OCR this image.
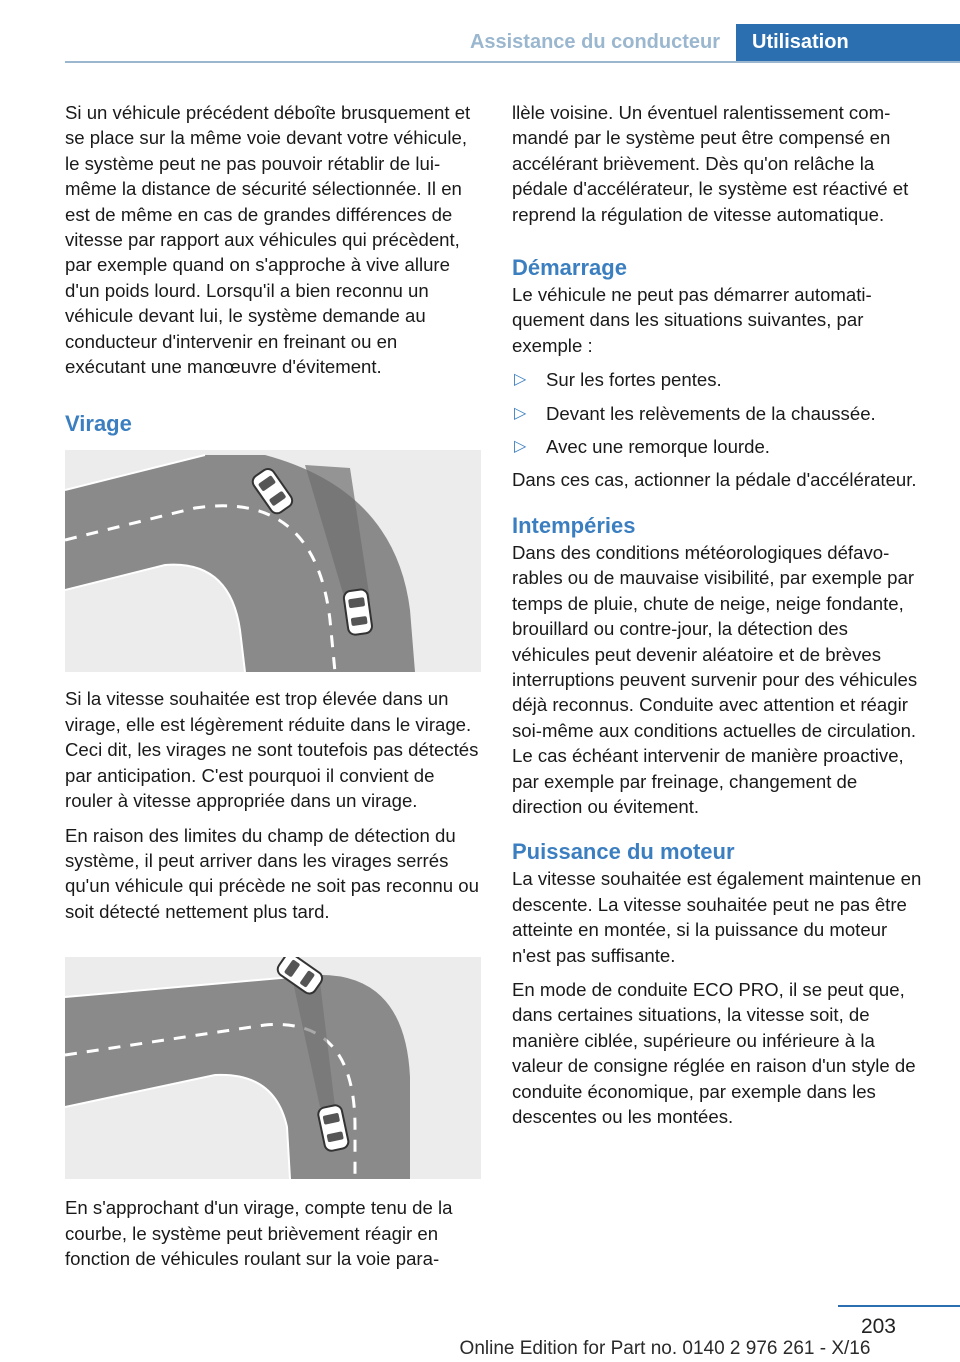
Assistance du conducteur	Utilisation

Si un véhicule précédent déboîte brusquement et se place sur la même voie devant votre véhicule, le système peut ne pas pouvoir rétablir de lui-même la distance de sécurité sélectionnée. Il en est de même en cas de grandes différences de vitesse par rapport aux véhicules qui précèdent, par exemple quand on s'approche à vive allure d'un poids lourd. Lorsqu'il a bien reconnu un véhicule devant lui, le système demande au conducteur d'intervenir en freinant ou en exécutant une manœuvre d'évitement.

Virage

Si la vitesse souhaitée est trop élevée dans un virage, elle est légèrement réduite dans le virage. Ceci dit, les virages ne sont toutefois pas détectés par anticipation. C'est pourquoi il convient de rouler à vitesse appropriée dans un virage.

En raison des limites du champ de détection du système, il peut arriver dans les virages serrés qu'un véhicule qui précède ne soit pas reconnu ou soit détecté nettement plus tard.

En s'approchant d'un virage, compte tenu de la courbe, le système peut brièvement réagir en fonction de véhicules roulant sur la voie para-

llèle voisine. Un éventuel ralentissement commandé par le système peut être compensé en accélérant brièvement. Dès qu'on relâche la pédale d'accélérateur, le système est réactivé et reprend la régulation de vitesse automatique.

Démarrage

Le véhicule ne peut pas démarrer automatiquement dans les situations suivantes, par exemple :

▷ Sur les fortes pentes.
▷ Devant les relèvements de la chaussée.
▷ Avec une remorque lourde.

Dans ces cas, actionner la pédale d'accélérateur.

Intempéries

Dans des conditions météorologiques défavorables ou de mauvaise visibilité, par exemple par temps de pluie, chute de neige, neige fondante, brouillard ou contre-jour, la détection des véhicules peut devenir aléatoire et de brèves interruptions peuvent survenir pour des véhicules déjà reconnus. Conduite avec attention et réagir soi-même aux conditions actuelles de circulation. Le cas échéant intervenir de manière proactive, par exemple par freinage, changement de direction ou évitement.

Puissance du moteur

La vitesse souhaitée est également maintenue en descente. La vitesse souhaitée peut ne pas être atteinte en montée, si la puissance du moteur n'est pas suffisante.

En mode de conduite ECO PRO, il se peut que, dans certaines situations, la vitesse soit, de manière ciblée, supérieure ou inférieure à la valeur de consigne réglée en raison d'un style de conduite économique, par exemple dans les descentes ou les montées.

203
Online Edition for Part no. 0140 2 976 261 - X/16
